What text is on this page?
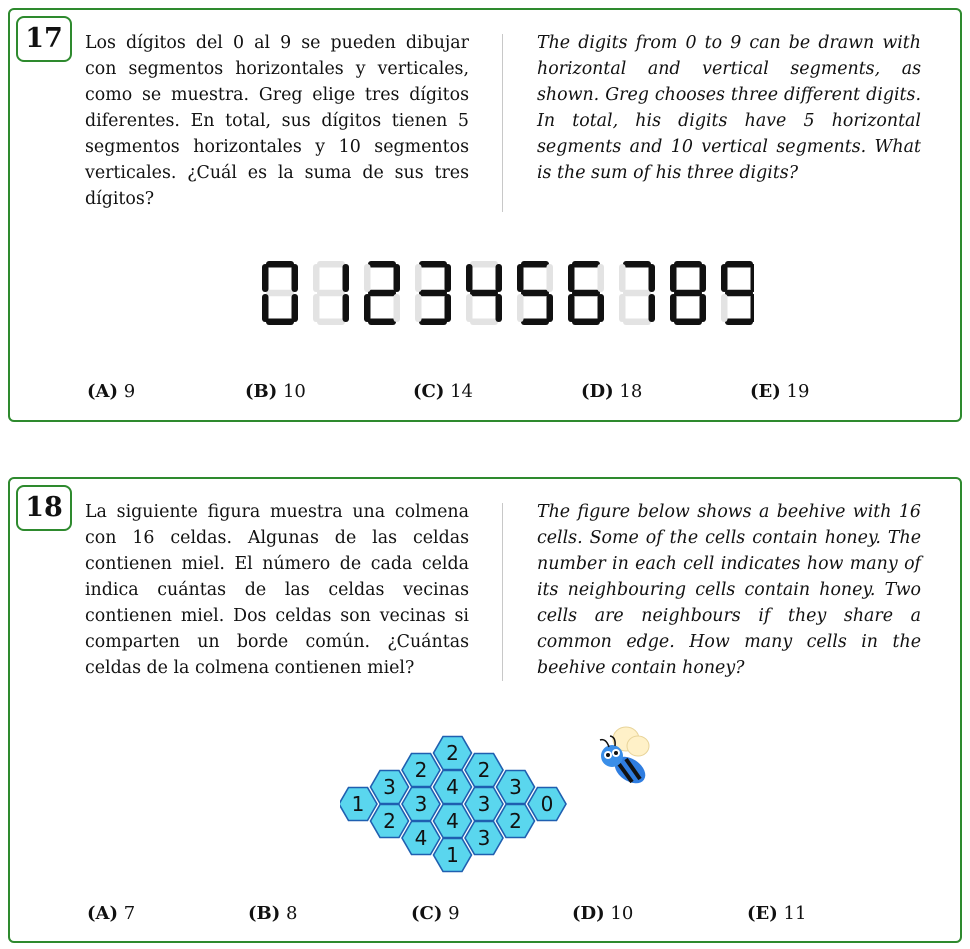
17	Los dígitos del 0 al 9 se pueden dibujar con segmentos horizontales y verticales, como se muestra. Greg elige tres dígitos diferentes. En total, sus dígitos tienen 5 segmentos horizontales y 10 segmentos verticales. ¿Cuál es la suma de sus tres dígitos?
The digits from 0 to 9 can be drawn with horizontal and vertical segments, as shown. Greg chooses three different digits. In total, his digits have 5 horizontal segments and 10 vertical segments. What is the sum of his three digits?
(A) 9	(B) 10	(C) 14	(D) 18	(E) 19
18	La siguiente figura muestra una colmena con 16 celdas. Algunas de las celdas contienen miel. El número de cada celda indica cuántas de las celdas vecinas contienen miel. Dos celdas son vecinas si comparten un borde común. ¿Cuántas celdas de la colmena contienen miel?
The figure below shows a beehive with 16 cells. Some of the cells contain honey. The number in each cell indicates how many of its neighbouring cells contain honey. Two cells are neighbours if they share a common edge. How many cells in the beehive contain honey?
2
2	2
3	4	3
1	3	3	0
2	4	2
4	3
1
(A) 7	(B) 8	(C) 9	(D) 10	(E) 11
